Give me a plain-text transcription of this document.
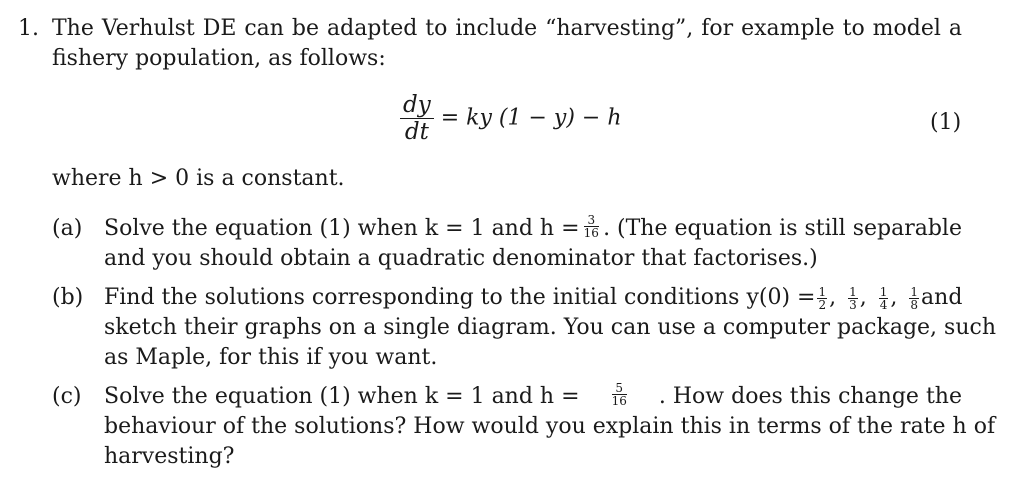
1. The Verhulst DE can be adapted to include “harvesting”, for example to model a
fishery population, as follows:
$\frac{dy}{dt}$ = ky (1 − y) − h	(1)
where h > 0 is a constant.
(a) Solve the equation (1) when k = 1 and $h = \frac{3}{16}$ . (The equation is still separable
and you should obtain a quadratic denominator that factorises.)
(b) Find the solutions corresponding to the initial conditions $y(0) = \frac{1}{2}$ , $\frac{1}{3}$ , $\frac{1}{4}$ , $\frac{1}{8}$ and
sketch their graphs on a single diagram. You can use a computer package, such
as Maple, for this if you want.
(c) Solve the equation (1) when k = 1 and h =	$\frac{5}{16}$ . How does this change the
behaviour of the solutions? How would you explain this in terms of the rate h of
harvesting?
